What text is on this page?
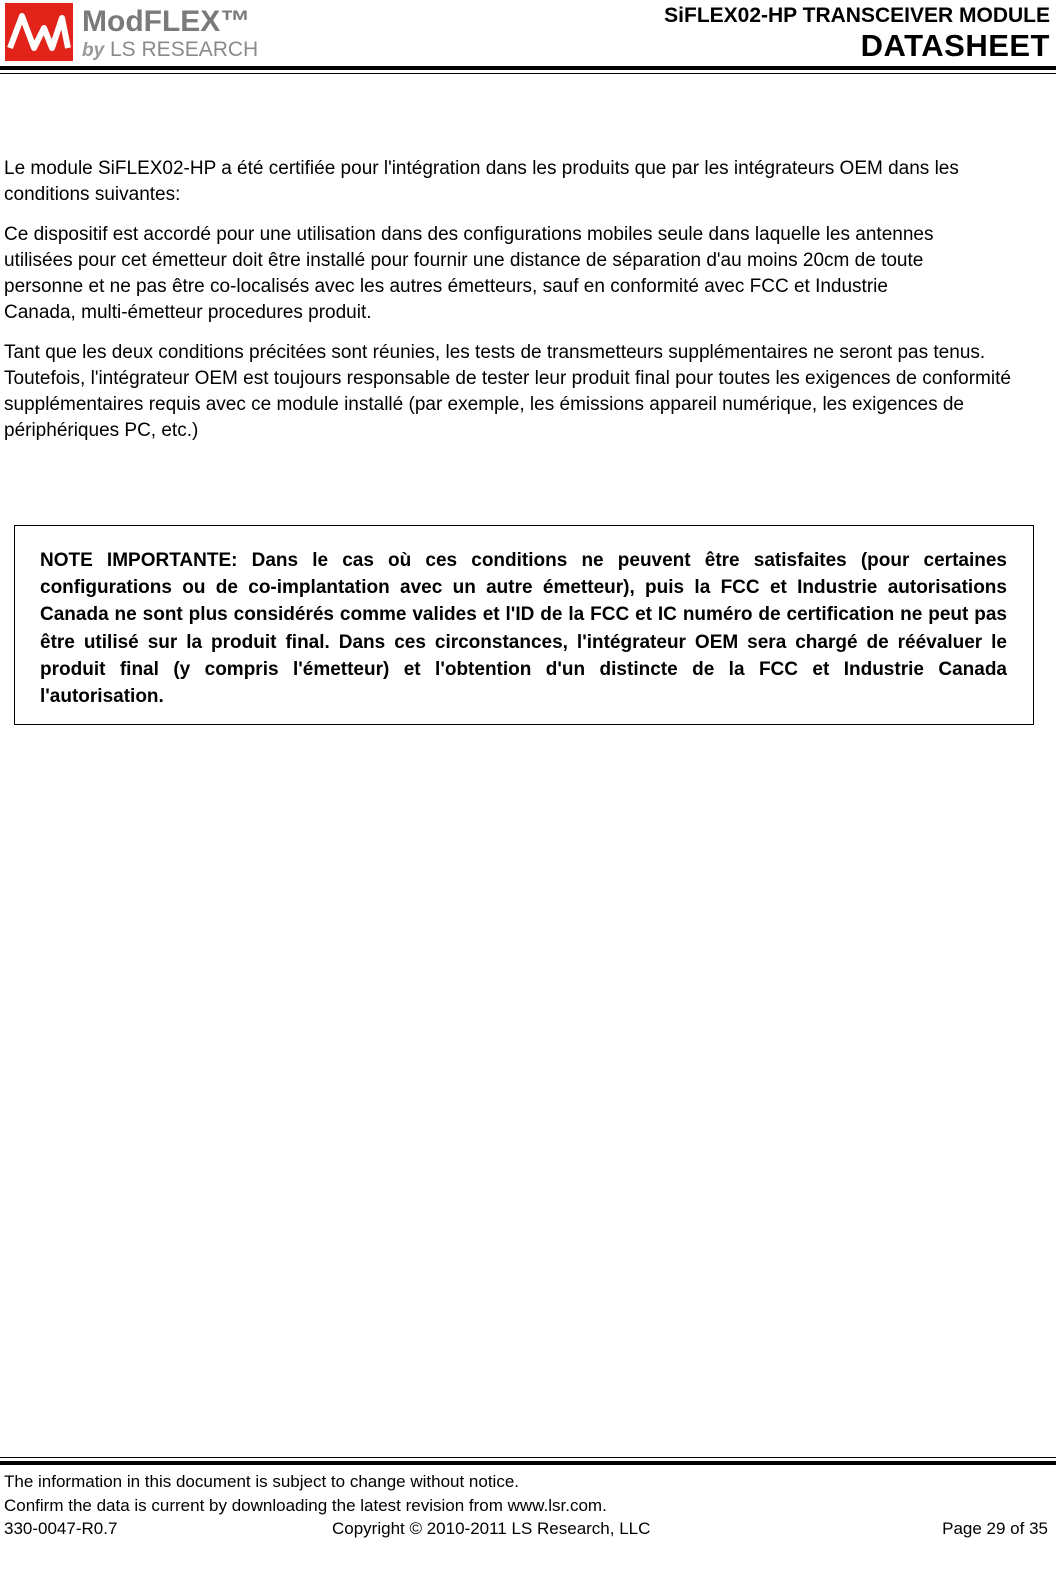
ModFLEX™
by LS RESEARCH
SiFLEX02-HP TRANSCEIVER MODULE
DATASHEET

Le module SiFLEX02-HP a été certifiée pour l'intégration dans les produits que par les intégrateurs OEM dans les conditions suivantes:

Ce dispositif est accordé pour une utilisation dans des configurations mobiles seule dans laquelle les antennes utilisées pour cet émetteur doit être installé pour fournir une distance de séparation d'au moins 20cm de toute personne et ne pas être co-localisés avec les autres émetteurs, sauf en conformité avec FCC et Industrie Canada, multi-émetteur procedures produit.

Tant que les deux conditions précitées sont réunies, les tests de transmetteurs supplémentaires ne seront pas tenus. Toutefois, l'intégrateur OEM est toujours responsable de tester leur produit final pour toutes les exigences de conformité supplémentaires requis avec ce module installé (par exemple, les émissions appareil numérique, les exigences de périphériques PC, etc.)

NOTE IMPORTANTE: Dans le cas où ces conditions ne peuvent être satisfaites (pour certaines configurations ou de co-implantation avec un autre émetteur), puis la FCC et Industrie autorisations Canada ne sont plus considérés comme valides et l'ID de la FCC et IC numéro de certification ne peut pas être utilisé sur la produit final. Dans ces circonstances, l'intégrateur OEM sera chargé de réévaluer le produit final (y compris l'émetteur) et l'obtention d'un distincte de la FCC et Industrie Canada l'autorisation.

The information in this document is subject to change without notice.
Confirm the data is current by downloading the latest revision from www.lsr.com.
330-0047-R0.7	Copyright © 2010-2011 LS Research, LLC	Page 29 of 35
